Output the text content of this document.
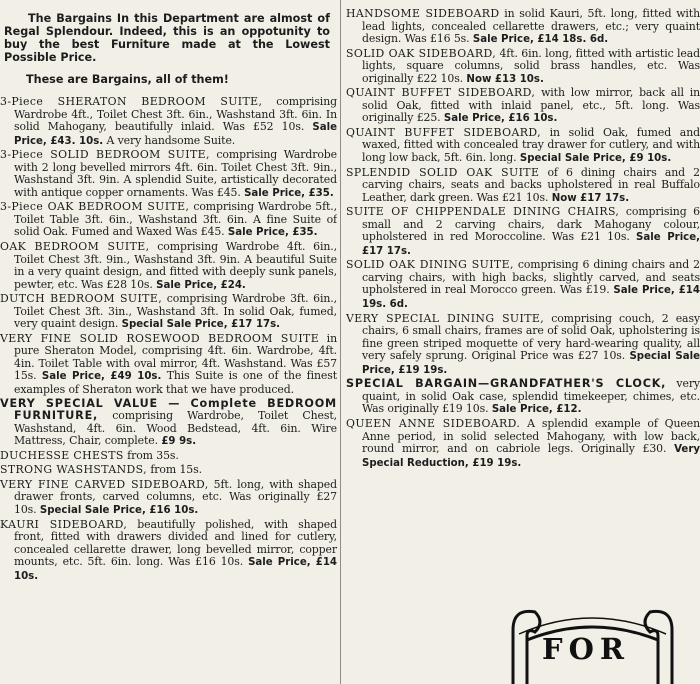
The Bargains In this Department are almost of Regal Splendour. Indeed, this is an oppotunity to buy the best Furniture made at the Lowest Possible Price.

These are Bargains, all of them!

3-Piece SHERATON BEDROOM SUITE, comprising Wardrobe 4ft., Toilet Chest 3ft. 6in., Washstand 3ft. 6in. In solid Mahogany, beautifully inlaid. Was £52 10s. Sale Price, £43. 10s. A very handsome Suite.
3-Piece SOLID BEDROOM SUITE, comprising Wardrobe with 2 long bevelled mirrors 4ft. 6in. Toilet Chest 3ft. 9in., Washstand 3ft. 9in. A splendid Suite, artistically decorated with antique copper ornaments. Was £45. Sale Price, £35.
3-Piece OAK BEDROOM SUITE, comprising Wardrobe 5ft., Toilet Table 3ft. 6in., Washstand 3ft. 6in. A fine Suite of solid Oak. Fumed and Waxed Was £45. Sale Price, £35.
OAK BEDROOM SUITE, comprising Wardrobe 4ft. 6in., Toilet Chest 3ft. 9in., Washstand 3ft. 9in. A beautiful Suite in a very quaint design, and fitted with deeply sunk panels, pewter, etc. Was £28 10s. Sale Price, £24.
DUTCH BEDROOM SUITE, comprising Wardrobe 3ft. 6in., Toilet Chest 3ft. 3in., Washstand 3ft. In solid Oak, fumed, very quaint design. Special Sale Price, £17 17s.
VERY FINE SOLID ROSEWOOD BEDROOM SUITE in pure Sheraton Model, comprising 4ft. 6in. Wardrobe, 4ft. 4in. Toilet Table with oval mirror, 4ft. Washstand. Was £57 15s. Sale Price, £49 10s. This Suite is one of the finest examples of Sheraton work that we have produced.
VERY SPECIAL VALUE — Complete BEDROOM FURNITURE, comprising Wardrobe, Toilet Chest, Washstand, 4ft. 6in. Wood Bedstead, 4ft. 6in. Wire Mattress, Chair, complete. £9 9s.
DUCHESSE CHESTS from 35s.
STRONG WASHSTANDS, from 15s.
VERY FINE CARVED SIDEBOARD, 5ft. long, with shaped drawer fronts, carved columns, etc. Was originally £27 10s. Special Sale Price, £16 10s.
KAURI SIDEBOARD, beautifully polished, with shaped front, fitted with drawers divided and lined for cutlery, concealed cellarette drawer, long bevelled mirror, copper mounts, etc. 5ft. 6in. long. Was £16 10s. Sale Price, £14 10s.
HANDSOME SIDEBOARD in solid Kauri, 5ft. long, fitted with lead lights, concealed cellarette drawers, etc.; very quaint design. Was £16 5s. Sale Price, £14 18s. 6d.
SOLID OAK SIDEBOARD, 4ft. 6in. long, fitted with artistic lead lights, square columns, solid brass handles, etc. Was originally £22 10s. Now £13 10s.
QUAINT BUFFET SIDEBOARD, with low mirror, back all in solid Oak, fitted with inlaid panel, etc., 5ft. long. Was originally £25. Sale Price, £16 10s.
QUAINT BUFFET SIDEBOARD, in solid Oak, fumed and waxed, fitted with concealed tray drawer for cutlery, and with long low back, 5ft. 6in. long. Special Sale Price, £9 10s.
SPLENDID SOLID OAK SUITE of 6 dining chairs and 2 carving chairs, seats and backs upholstered in real Buffalo Leather, dark green. Was £21 10s. Now £17 17s.
SUITE OF CHIPPENDALE DINING CHAIRS, comprising 6 small and 2 carving chairs, dark Mahogany colour, upholstered in red Moroccoline. Was £21 10s. Sale Price, £17 17s.
SOLID OAK DINING SUITE, comprising 6 dining chairs and 2 carving chairs, with high backs, slightly carved, and seats upholstered in real Morocco green. Was £19. Sale Price, £14 19s. 6d.
VERY SPECIAL DINING SUITE, comprising couch, 2 easy chairs, 6 small chairs, frames are of solid Oak, upholstering is fine green striped moquette of very hard-wearing quality, all very safely sprung. Original Price was £27 10s. Special Sale Price, £19 19s.
SPECIAL BARGAIN—GRANDFATHER'S CLOCK, very quaint, in solid Oak case, splendid timekeeper, chimes, etc. Was originally £19 10s. Sale Price, £12.
QUEEN ANNE SIDEBOARD. A splendid example of Queen Anne period, in solid selected Mahogany, with low back, round mirror, and on cabriole legs. Originally £30. Very Special Reduction, £19 19s.
FOR
